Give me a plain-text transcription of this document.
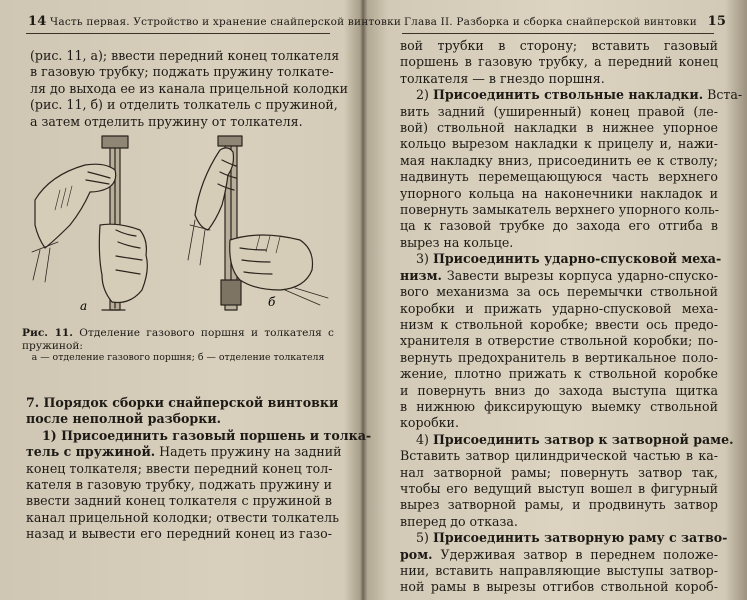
14 Часть первая. Устройство и хранение снайперской винтовки
(рис. 11, а); ввести передний конец толкателя
в газовую трубку; поджать пружину толкате-
ля до выхода ее из канала прицельной колодки
(рис. 11, б) и отделить толкатель с пружиной,
а затем отделить пружину от толкателя.
а	б
Рис. 11. Отделение газового поршня и толкателя с пружиной:
а — отделение газового поршня; б — отделение толкателя
7. Порядок сборки снайперской винтовки
после неполной разборки.
1) Присоединить газовый поршень и толка-
тель с пружиной. Надеть пружину на задний
конец толкателя; ввести передний конец тол-
кателя в газовую трубку, поджать пружину и
ввести задний конец толкателя с пружиной в
канал прицельной колодки; отвести толкатель
назад и вывести его передний конец из газо-
Глава II. Разборка и сборка снайперской винтовки 15
вой трубки в сторону; вставить газовый
поршень в газовую трубку, а передний конец
толкателя — в гнездо поршня.
2) Присоединить ствольные накладки. Вста-
вить задний (уширенный) конец правой (ле-
вой) ствольной накладки в нижнее упорное
кольцо вырезом накладки к прицелу и, нажи-
мая накладку вниз, присоединить ее к стволу;
надвинуть перемещающуюся часть верхнего
упорного кольца на наконечники накладок и
повернуть замыкатель верхнего упорного коль-
ца к газовой трубке до захода его отгиба в
вырез на кольце.
3) Присоединить ударно-спусковой меха-
низм. Завести вырезы корпуса ударно-спуско-
вого механизма за ось перемычки ствольной
коробки и прижать ударно-спусковой меха-
низм к ствольной коробке; ввести ось предо-
хранителя в отверстие ствольной коробки; по-
вернуть предохранитель в вертикальное поло-
жение, плотно прижать к ствольной коробке
и повернуть вниз до захода выступа щитка
в нижнюю фиксирующую выемку ствольной
коробки.
4) Присоединить затвор к затворной раме.
Вставить затвор цилиндрической частью в ка-
нал затворной рамы; повернуть затвор так,
чтобы его ведущий выступ вошел в фигурный
вырез затворной рамы, и продвинуть затвор
вперед до отказа.
5) Присоединить затворную раму с затво-
ром. Удерживая затвор в переднем положе-
нии, вставить направляющие выступы затвор-
ной рамы в вырезы отгибов ствольной короб-
